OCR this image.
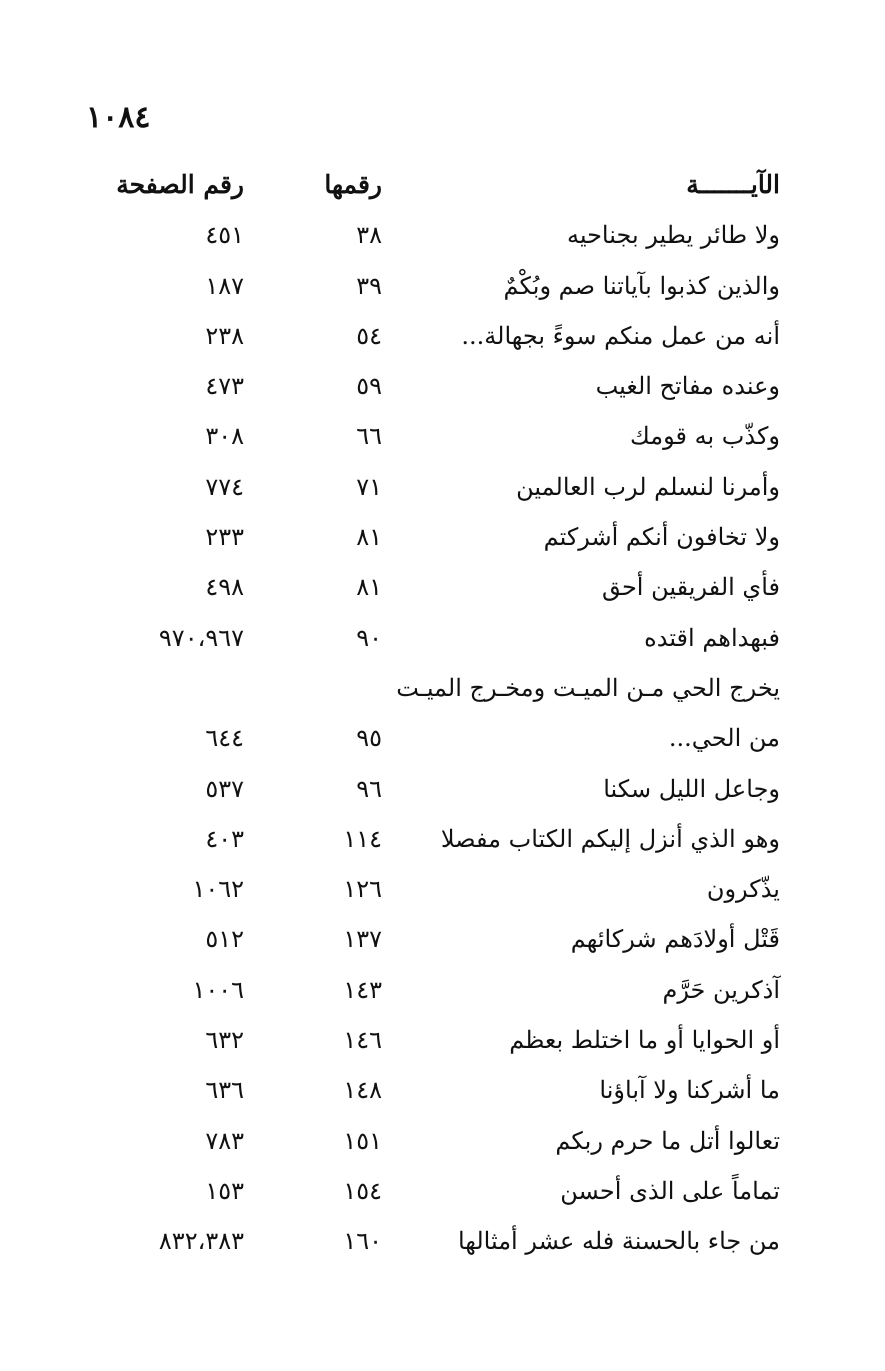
١٠٨٤
الآيـــــــة
رقمها
رقم الصفحة
ولا طائر يطير بجناحيه
٣٨
٤٥١
والذين كذبوا بآياتنا صم وبُكْمٌ
٣٩
١٨٧
أنه من عمل منكم سوءً بجهالة...
٥٤
٢٣٨
وعنده مفاتح الغيب
٥٩
٤٧٣
وكذّب به قومك
٦٦
٣٠٨
وأمرنا لنسلم لرب العالمين
٧١
٧٧٤
ولا تخافون أنكم أشركتم
٨١
٢٣٣
فأي الفريقين أحق
٨١
٤٩٨
فبهداهم اقتده
٩٠
٩٧٠،٩٦٧
يخرج الحي مـن الميـت ومخـرج الميـت
من الحي...
٩٥
٦٤٤
وجاعل الليل سكنا
٩٦
٥٣٧
وهو الذي أنزل إليكم الكتاب مفصلا
١١٤
٤٠٣
يذّكرون
١٢٦
١٠٦٢
قَتْل أولادَهم شركائهم
١٣٧
٥١٢
آذكرين حَرَّم
١٤٣
١٠٠٦
أو الحوايا أو ما اختلط بعظم
١٤٦
٦٣٢
ما أشركنا ولا آباؤنا
١٤٨
٦٣٦
تعالوا أتل ما حرم ربكم
١٥١
٧٨٣
تماماً على الذى أحسن
١٥٤
١٥٣
من جاء بالحسنة فله عشر أمثالها
١٦٠
٨٣٢،٣٨٣
